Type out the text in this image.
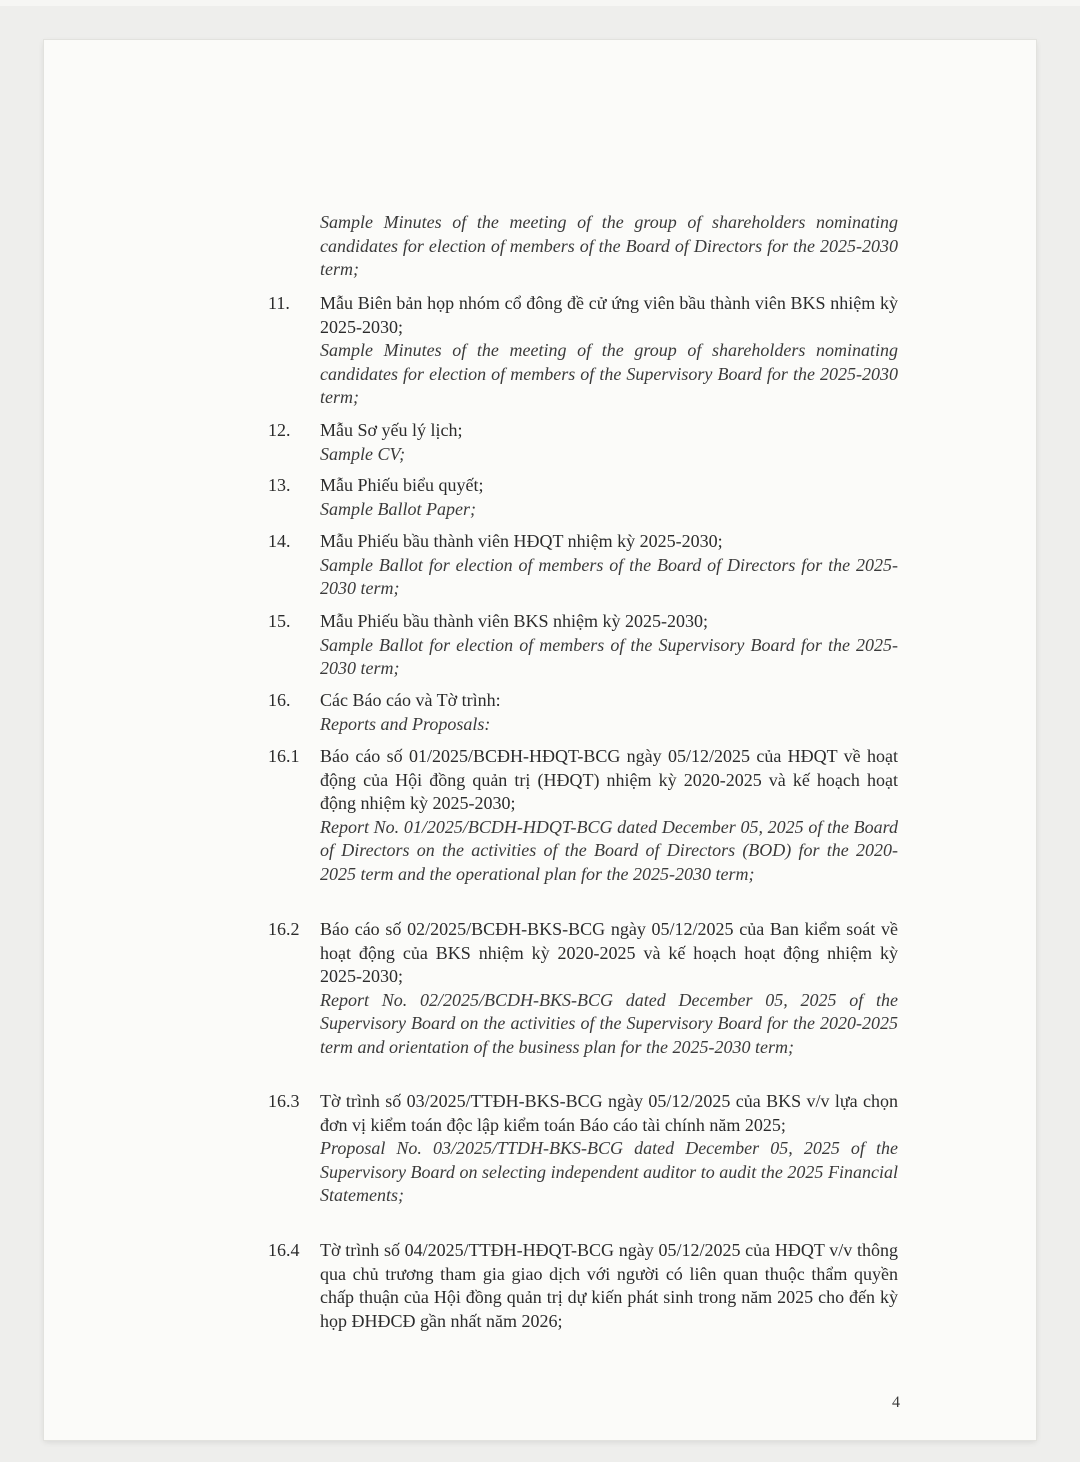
Sample Minutes of the meeting of the group of shareholders nominating candidates for election of members of the Board of Directors for the 2025-2030 term;
11.	Mẫu Biên bản họp nhóm cổ đông đề cử ứng viên bầu thành viên BKS nhiệm kỳ 2025-2030;
Sample Minutes of the meeting of the group of shareholders nominating candidates for election of members of the Supervisory Board for the 2025-2030 term;
12.	Mẫu Sơ yếu lý lịch;
Sample CV;
13.	Mẫu Phiếu biểu quyết;
Sample Ballot Paper;
14.	Mẫu Phiếu bầu thành viên HĐQT nhiệm kỳ 2025-2030;
Sample Ballot for election of members of the Board of Directors for the 2025-2030 term;
15.	Mẫu Phiếu bầu thành viên BKS nhiệm kỳ 2025-2030;
Sample Ballot for election of members of the Supervisory Board for the 2025-2030 term;
16.	Các Báo cáo và Tờ trình:
Reports and Proposals:
16.1	Báo cáo số 01/2025/BCĐH-HĐQT-BCG ngày 05/12/2025 của HĐQT về hoạt động của Hội đồng quản trị (HĐQT) nhiệm kỳ 2020-2025 và kế hoạch hoạt động nhiệm kỳ 2025-2030;
Report No. 01/2025/BCDH-HDQT-BCG dated December 05, 2025 of the Board of Directors on the activities of the Board of Directors (BOD) for the 2020-2025 term and the operational plan for the 2025-2030 term;
16.2	Báo cáo số 02/2025/BCĐH-BKS-BCG ngày 05/12/2025 của Ban kiểm soát về hoạt động của BKS nhiệm kỳ 2020-2025 và kế hoạch hoạt động nhiệm kỳ 2025-2030;
Report No. 02/2025/BCDH-BKS-BCG dated December 05, 2025 of the Supervisory Board on the activities of the Supervisory Board for the 2020-2025 term and orientation of the business plan for the 2025-2030 term;
16.3	Tờ trình số 03/2025/TTĐH-BKS-BCG ngày 05/12/2025 của BKS v/v lựa chọn đơn vị kiểm toán độc lập kiểm toán Báo cáo tài chính năm 2025;
Proposal No. 03/2025/TTDH-BKS-BCG dated December 05, 2025 of the Supervisory Board on selecting independent auditor to audit the 2025 Financial Statements;
16.4	Tờ trình số 04/2025/TTĐH-HĐQT-BCG ngày 05/12/2025 của HĐQT v/v thông qua chủ trương tham gia giao dịch với người có liên quan thuộc thẩm quyền chấp thuận của Hội đồng quản trị dự kiến phát sinh trong năm 2025 cho đến kỳ họp ĐHĐCĐ gần nhất năm 2026;
4
